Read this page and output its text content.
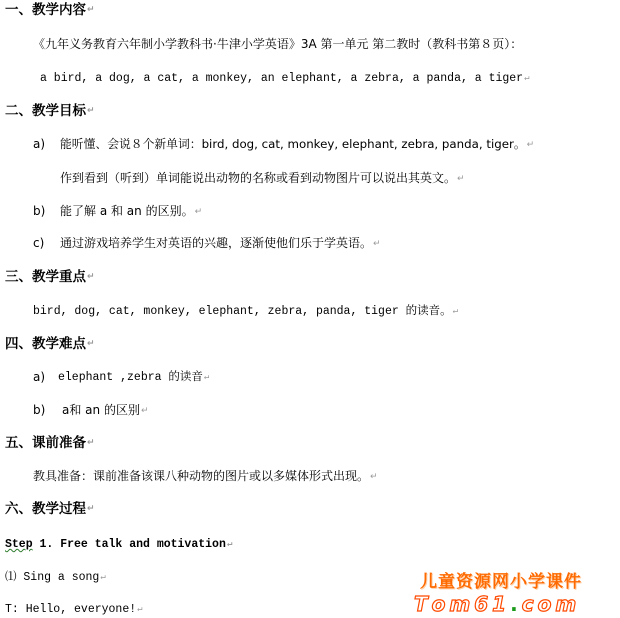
一、教学内容↵
《九年义务教育六年制小学教科书·牛津小学英语》3A 第一单元 第二教时（教科书第８页）：
a bird, a dog, a cat, a monkey, an elephant, a zebra, a panda, a tiger↵
二、教学目标↵
a) 能听懂、会说８个新单词：bird, dog, cat, monkey, elephant, zebra, panda, tiger。↵
作到看到（听到）单词能说出动物的名称或看到动物图片可以说出其英文。↵
b) 能了解 a 和 an 的区别。↵
c) 通过游戏培养学生对英语的兴趣，逐渐使他们乐于学英语。↵
三、教学重点↵
bird, dog, cat, monkey, elephant, zebra, panda, tiger 的读音。↵
四、教学难点↵
a) elephant ,zebra 的读音↵
b) a和 an 的区别↵
五、课前准备↵
教具准备：课前准备该课八种动物的图片或以多媒体形式出现。↵
六、教学过程↵
Step 1. Free talk and motivation↵
⑴ Sing a song↵
T: Hello, everyone!↵
儿童资源网小学课件
T o m 6 1 . c o m
